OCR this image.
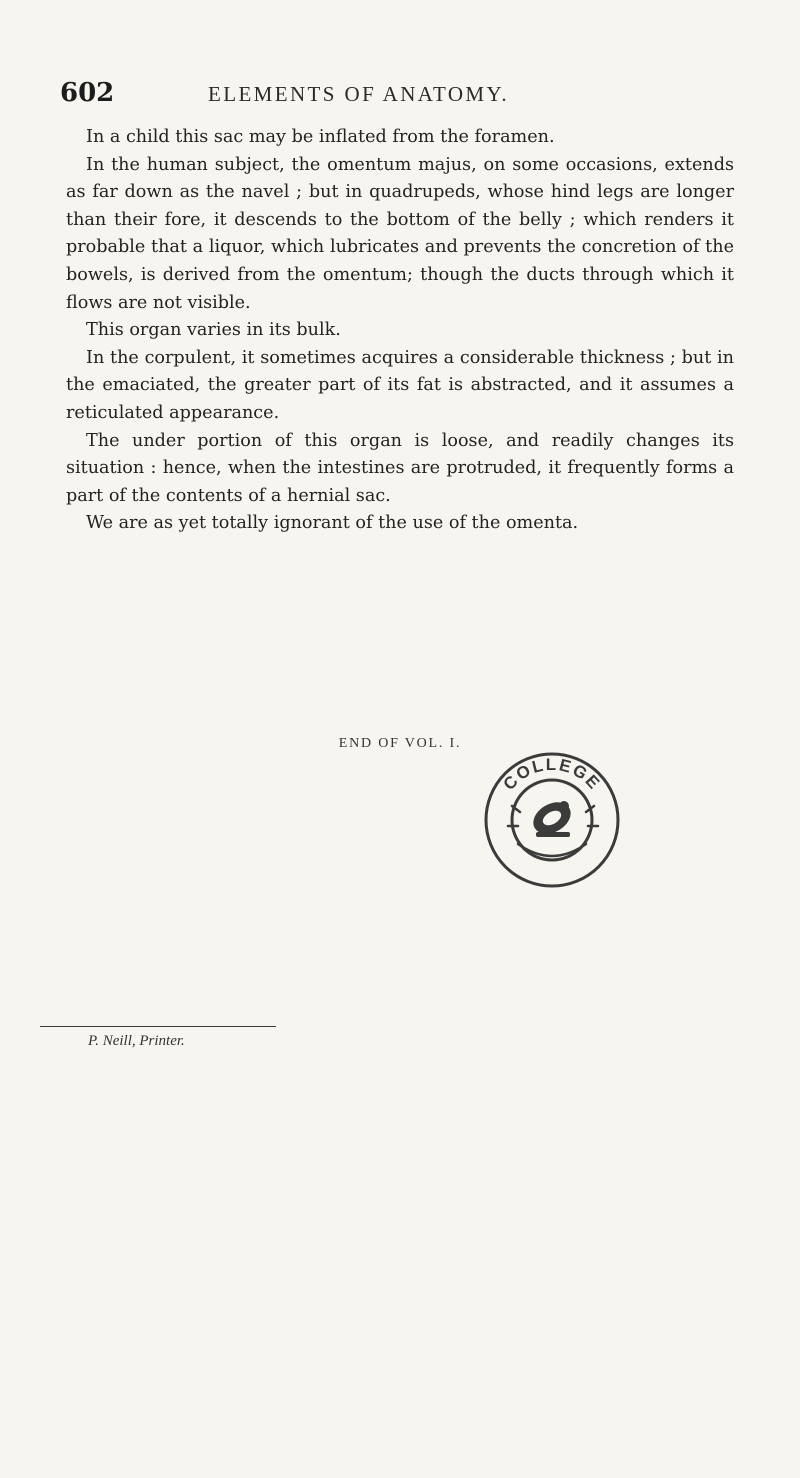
602	ELEMENTS OF ANATOMY.

In a child this sac may be inflated from the foramen.

In the human subject, the omentum majus, on some occasions, extends as far down as the navel ; but in quadrupeds, whose hind legs are longer than their fore, it descends to the bottom of the belly ; which renders it probable that a liquor, which lubricates and prevents the concretion of the bowels, is derived from the omentum; though the ducts through which it flows are not visible.

This organ varies in its bulk.

In the corpulent, it sometimes acquires a considerable thickness ; but in the emaciated, the greater part of its fat is abstracted, and it assumes a reticulated appearance.

The under portion of this organ is loose, and readily changes its situation : hence, when the intestines are protruded, it frequently forms a part of the contents of a hernial sac.

We are as yet totally ignorant of the use of the omenta.

END OF VOL. I.
COLLEGE
P. Neill, Printer.
